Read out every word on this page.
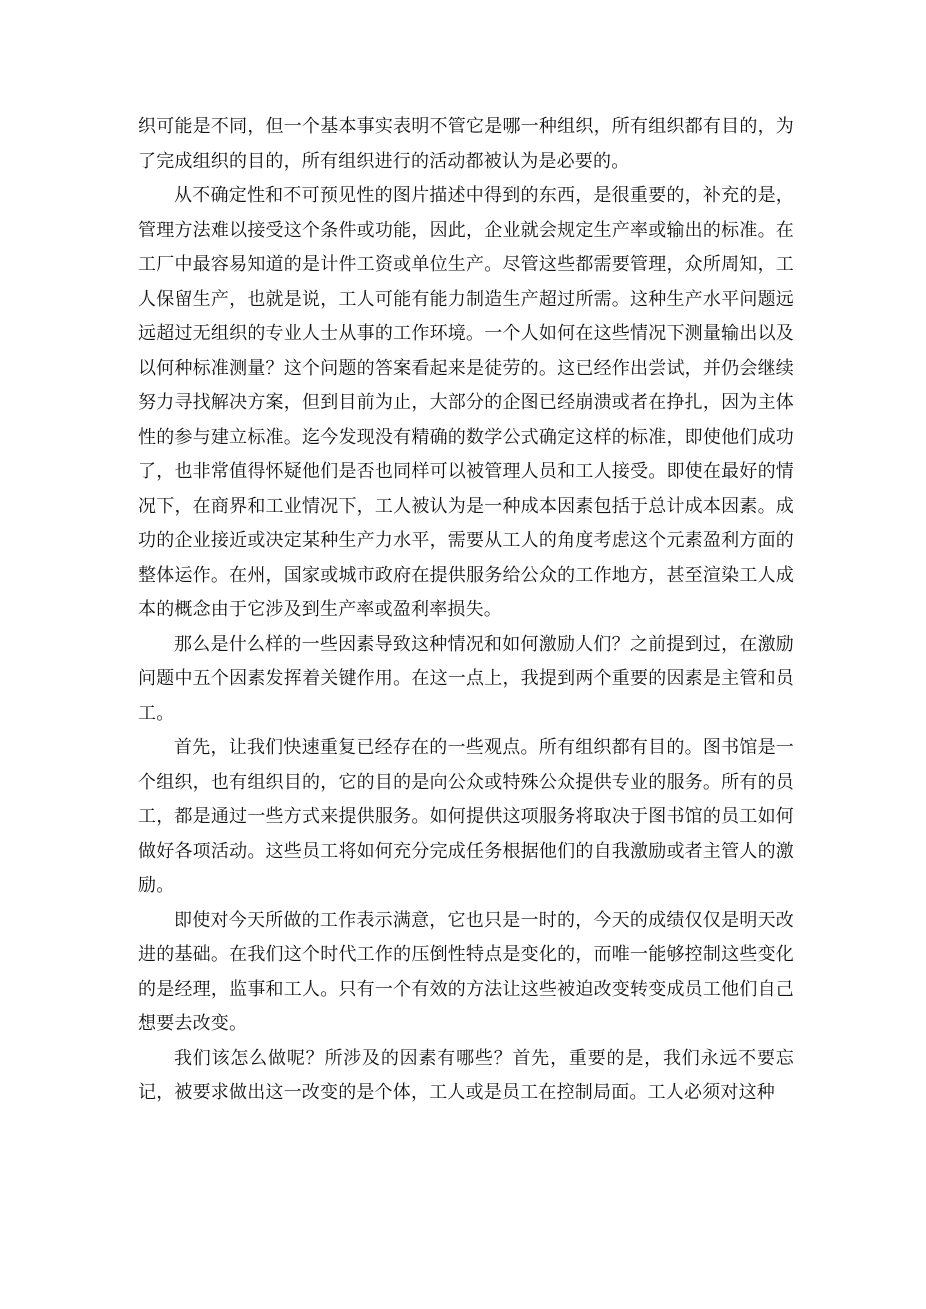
织可能是不同，但一个基本事实表明不管它是哪一种组织，所有组织都有目的，为了完成组织的目的，所有组织进行的活动都被认为是必要的。

从不确定性和不可预见性的图片描述中得到的东西，是很重要的，补充的是，管理方法难以接受这个条件或功能，因此，企业就会规定生产率或输出的标准。在工厂中最容易知道的是计件工资或单位生产。尽管这些都需要管理，众所周知，工人保留生产，也就是说，工人可能有能力制造生产超过所需。这种生产水平问题远远超过无组织的专业人士从事的工作环境。一个人如何在这些情况下测量输出以及以何种标准测量？这个问题的答案看起来是徒劳的。这已经作出尝试，并仍会继续努力寻找解决方案，但到目前为止，大部分的企图已经崩溃或者在挣扎，因为主体性的参与建立标准。迄今发现没有精确的数学公式确定这样的标准，即使他们成功了，也非常值得怀疑他们是否也同样可以被管理人员和工人接受。即使在最好的情况下，在商界和工业情况下，工人被认为是一种成本因素包括于总计成本因素。成功的企业接近或决定某种生产力水平，需要从工人的角度考虑这个元素盈利方面的整体运作。在州，国家或城市政府在提供服务给公众的工作地方，甚至渲染工人成本的概念由于它涉及到生产率或盈利率损失。

那么是什么样的一些因素导致这种情况和如何激励人们？之前提到过，在激励问题中五个因素发挥着关键作用。在这一点上，我提到两个重要的因素是主管和员工。

首先，让我们快速重复已经存在的一些观点。所有组织都有目的。图书馆是一个组织，也有组织目的，它的目的是向公众或特殊公众提供专业的服务。所有的员工，都是通过一些方式来提供服务。如何提供这项服务将取决于图书馆的员工如何做好各项活动。这些员工将如何充分完成任务根据他们的自我激励或者主管人的激励。

即使对今天所做的工作表示满意，它也只是一时的，今天的成绩仅仅是明天改进的基础。在我们这个时代工作的压倒性特点是变化的，而唯一能够控制这些变化的是经理，监事和工人。只有一个有效的方法让这些被迫改变转变成员工他们自己想要去改变。

我们该怎么做呢？所涉及的因素有哪些？首先，重要的是，我们永远不要忘记，被要求做出这一改变的是个体，工人或是员工在控制局面。工人必须对这种
